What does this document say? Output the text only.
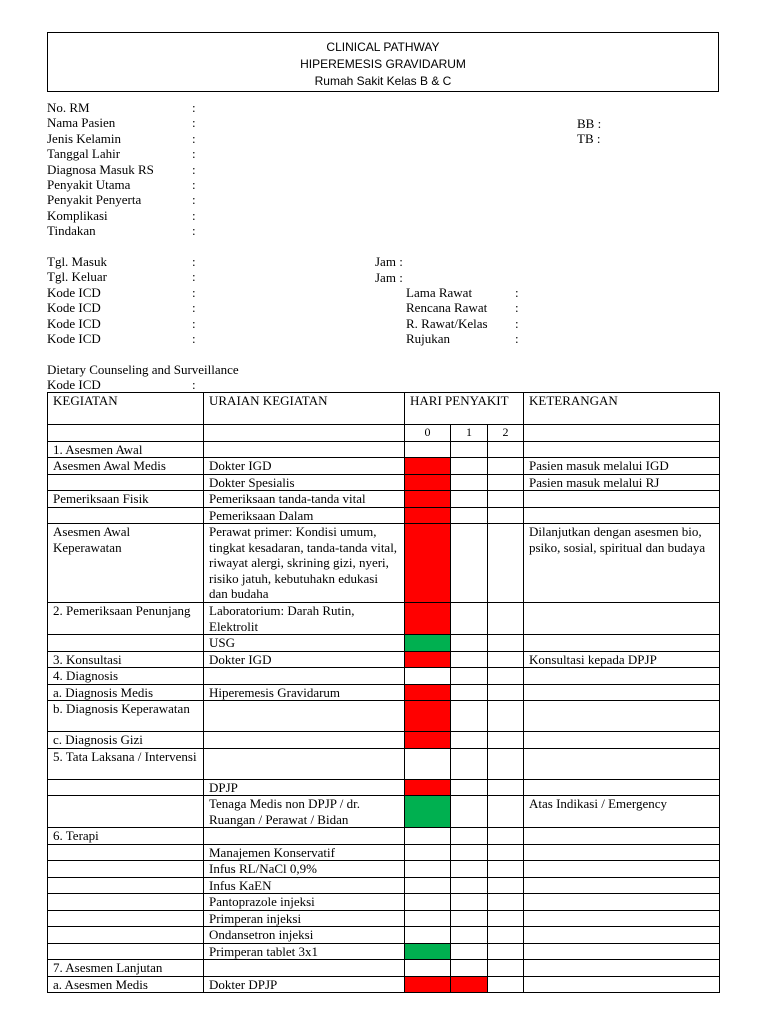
CLINICAL PATHWAY
HIPEREMESIS GRAVIDARUM
Rumah Sakit Kelas B & C
No. RM	:
Nama Pasien	:
Jenis Kelamin	:
Tanggal Lahir	:
Diagnosa Masuk RS	:
Penyakit Utama	:
Penyakit Penyerta	:
Komplikasi	:
Tindakan	:
Tgl. Masuk	:
Tgl. Keluar	:
Kode ICD	:
Kode ICD	:
Kode ICD	:
Kode ICD	:
Lama Rawat	:
Rencana Rawat :
R. Rawat/Kelas :
Rujukan	:
BB :
TB :
Jam :
Jam :
Dietary Counseling and Surveillance
Kode ICD	:
KEGIATAN	URAIAN KEGIATAN	HARI PENYAKIT			KETERANGAN
		0	1	2	
1. Asesmen Awal					
Asesmen Awal Medis	Dokter IGD				Pasien masuk melalui IGD
	Dokter Spesialis				Pasien masuk melalui RJ
Pemeriksaan Fisik	Pemeriksaan tanda-tanda vital				
	Pemeriksaan Dalam				
Asesmen Awal Keperawatan	Perawat primer: Kondisi umum, tingkat kesadaran, tanda-tanda vital, riwayat alergi, skrining gizi, nyeri, risiko jatuh, kebutuhakn edukasi dan budaha				Dilanjutkan dengan asesmen bio, psiko, sosial, spiritual dan budaya
2. Pemeriksaan Penunjang	Laboratorium: Darah Rutin, Elektrolit				
	USG				
3. Konsultasi	Dokter IGD				Konsultasi kepada DPJP
4. Diagnosis					
a. Diagnosis Medis	Hiperemesis Gravidarum				
b. Diagnosis Keperawatan					
c. Diagnosis Gizi					
5. Tata Laksana / Intervensi					
	DPJP				
	Tenaga Medis non DPJP / dr. Ruangan / Perawat / Bidan				Atas Indikasi / Emergency
6. Terapi					
	Manajemen Konservatif				
	Infus RL/NaCl 0,9%				
	Infus KaEN				
	Pantoprazole injeksi				
	Primperan injeksi				
	Ondansetron injeksi				
	Primperan tablet 3x1				
7. Asesmen Lanjutan					
a. Asesmen Medis	Dokter DPJP				
